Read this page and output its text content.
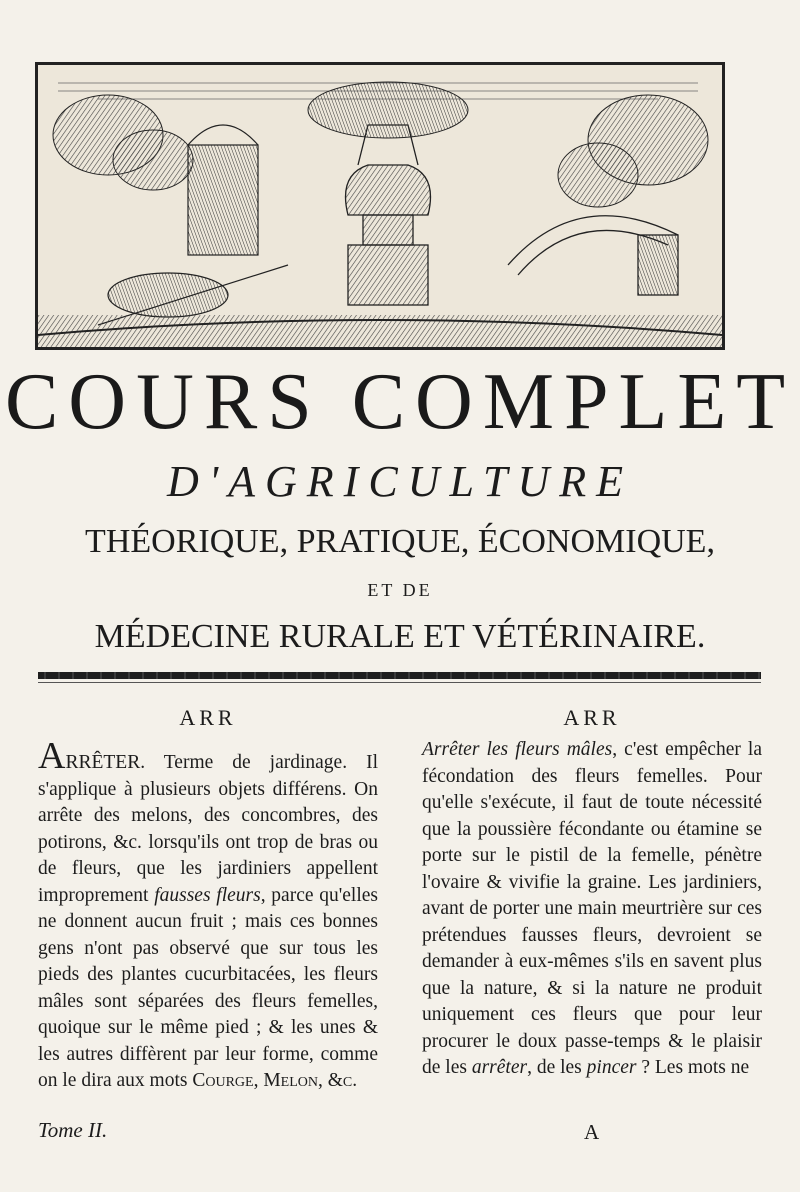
COURS COMPLET
D'AGRICULTURE
THÉORIQUE, PRATIQUE, ÉCONOMIQUE,
ET DE
MÉDECINE RURALE ET VÉTÉRINAIRE.
ARR

ARRÊTER. Terme de jardinage. Il s'applique à plusieurs objets différens. On arrête des melons, des concombres, des potirons, &c. lorsqu'ils ont trop de bras ou de fleurs, que les jardiniers appellent improprement fausses fleurs, parce qu'elles ne donnent aucun fruit ; mais ces bonnes gens n'ont pas observé que sur tous les pieds des plantes cucurbitacées, les fleurs mâles sont séparées des fleurs femelles, quoique sur le même pied ; & les unes & les autres diffèrent par leur forme, comme on le dira aux mots Courge, Melon, &c.

ARR

Arrêter les fleurs mâles, c'est empêcher la fécondation des fleurs femelles. Pour qu'elle s'exécute, il faut de toute nécessité que la poussière fécondante ou étamine se porte sur le pistil de la femelle, pénètre l'ovaire & vivifie la graine. Les jardiniers, avant de porter une main meurtrière sur ces prétendues fausses fleurs, devroient se demander à eux-mêmes s'ils en savent plus que la nature, & si la nature ne produit uniquement ces fleurs que pour leur procurer le doux passe-temps & le plaisir de les arrêter, de les pincer ? Les mots ne

Tome II.	A
